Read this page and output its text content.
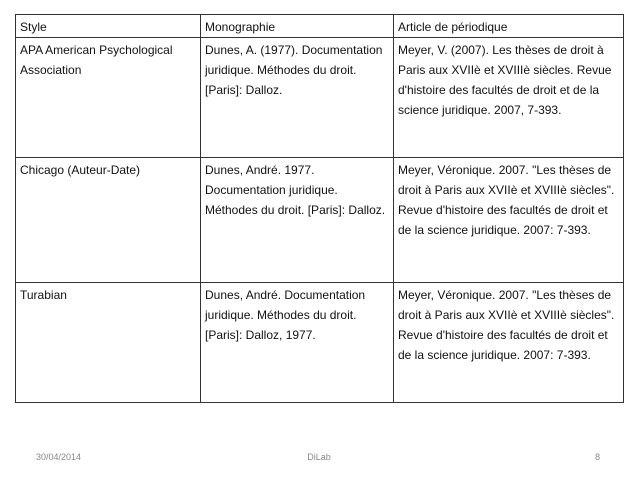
Style	Monographie	Article de périodique
APA American Psychological Association	Dunes, A. (1977). Documentation juridique. Méthodes du droit. [Paris]: Dalloz.	Meyer, V. (2007). Les thèses de droit à Paris aux XVIIè et XVIIIè siècles. Revue d'histoire des facultés de droit et de la science juridique. 2007, 7-393.
Chicago (Auteur-Date)	Dunes, André. 1977. Documentation juridique. Méthodes du droit. [Paris]: Dalloz.	Meyer, Véronique. 2007. "Les thèses de droit à Paris aux XVIIè et XVIIIè siècles". Revue d'histoire des facultés de droit et de la science juridique. 2007: 7-393.
Turabian	Dunes, André. Documentation juridique. Méthodes du droit. [Paris]: Dalloz, 1977.	Meyer, Véronique. 2007. "Les thèses de droit à Paris aux XVIIè et XVIIIè siècles". Revue d'histoire des facultés de droit et de la science juridique. 2007: 7-393.
30/04/2014	DiLab	8
